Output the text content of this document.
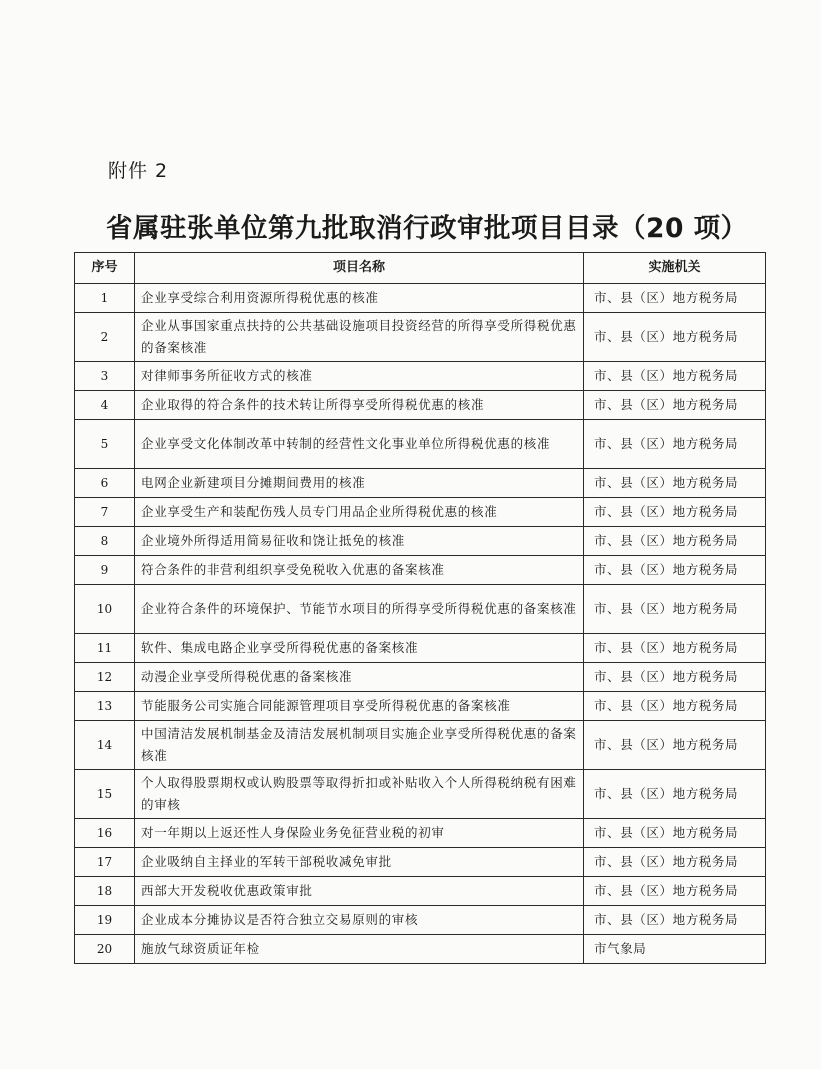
附件 2
省属驻张单位第九批取消行政审批项目目录（20 项）
序号	项目名称	实施机关
1	企业享受综合利用资源所得税优惠的核准	市、县（区）地方税务局
2	企业从事国家重点扶持的公共基础设施项目投资经营的所得享受所得税优惠的备案核准	市、县（区）地方税务局
3	对律师事务所征收方式的核准	市、县（区）地方税务局
4	企业取得的符合条件的技术转让所得享受所得税优惠的核准	市、县（区）地方税务局
5	企业享受文化体制改革中转制的经营性文化事业单位所得税优惠的核准	市、县（区）地方税务局
6	电网企业新建项目分摊期间费用的核准	市、县（区）地方税务局
7	企业享受生产和装配伤残人员专门用品企业所得税优惠的核准	市、县（区）地方税务局
8	企业境外所得适用简易征收和饶让抵免的核准	市、县（区）地方税务局
9	符合条件的非营利组织享受免税收入优惠的备案核准	市、县（区）地方税务局
10	企业符合条件的环境保护、节能节水项目的所得享受所得税优惠的备案核准	市、县（区）地方税务局
11	软件、集成电路企业享受所得税优惠的备案核准	市、县（区）地方税务局
12	动漫企业享受所得税优惠的备案核准	市、县（区）地方税务局
13	节能服务公司实施合同能源管理项目享受所得税优惠的备案核准	市、县（区）地方税务局
14	中国清洁发展机制基金及清洁发展机制项目实施企业享受所得税优惠的备案核准	市、县（区）地方税务局
15	个人取得股票期权或认购股票等取得折扣或补贴收入个人所得税纳税有困难的审核	市、县（区）地方税务局
16	对一年期以上返还性人身保险业务免征营业税的初审	市、县（区）地方税务局
17	企业吸纳自主择业的军转干部税收减免审批	市、县（区）地方税务局
18	西部大开发税收优惠政策审批	市、县（区）地方税务局
19	企业成本分摊协议是否符合独立交易原则的审核	市、县（区）地方税务局
20	施放气球资质证年检	市气象局
